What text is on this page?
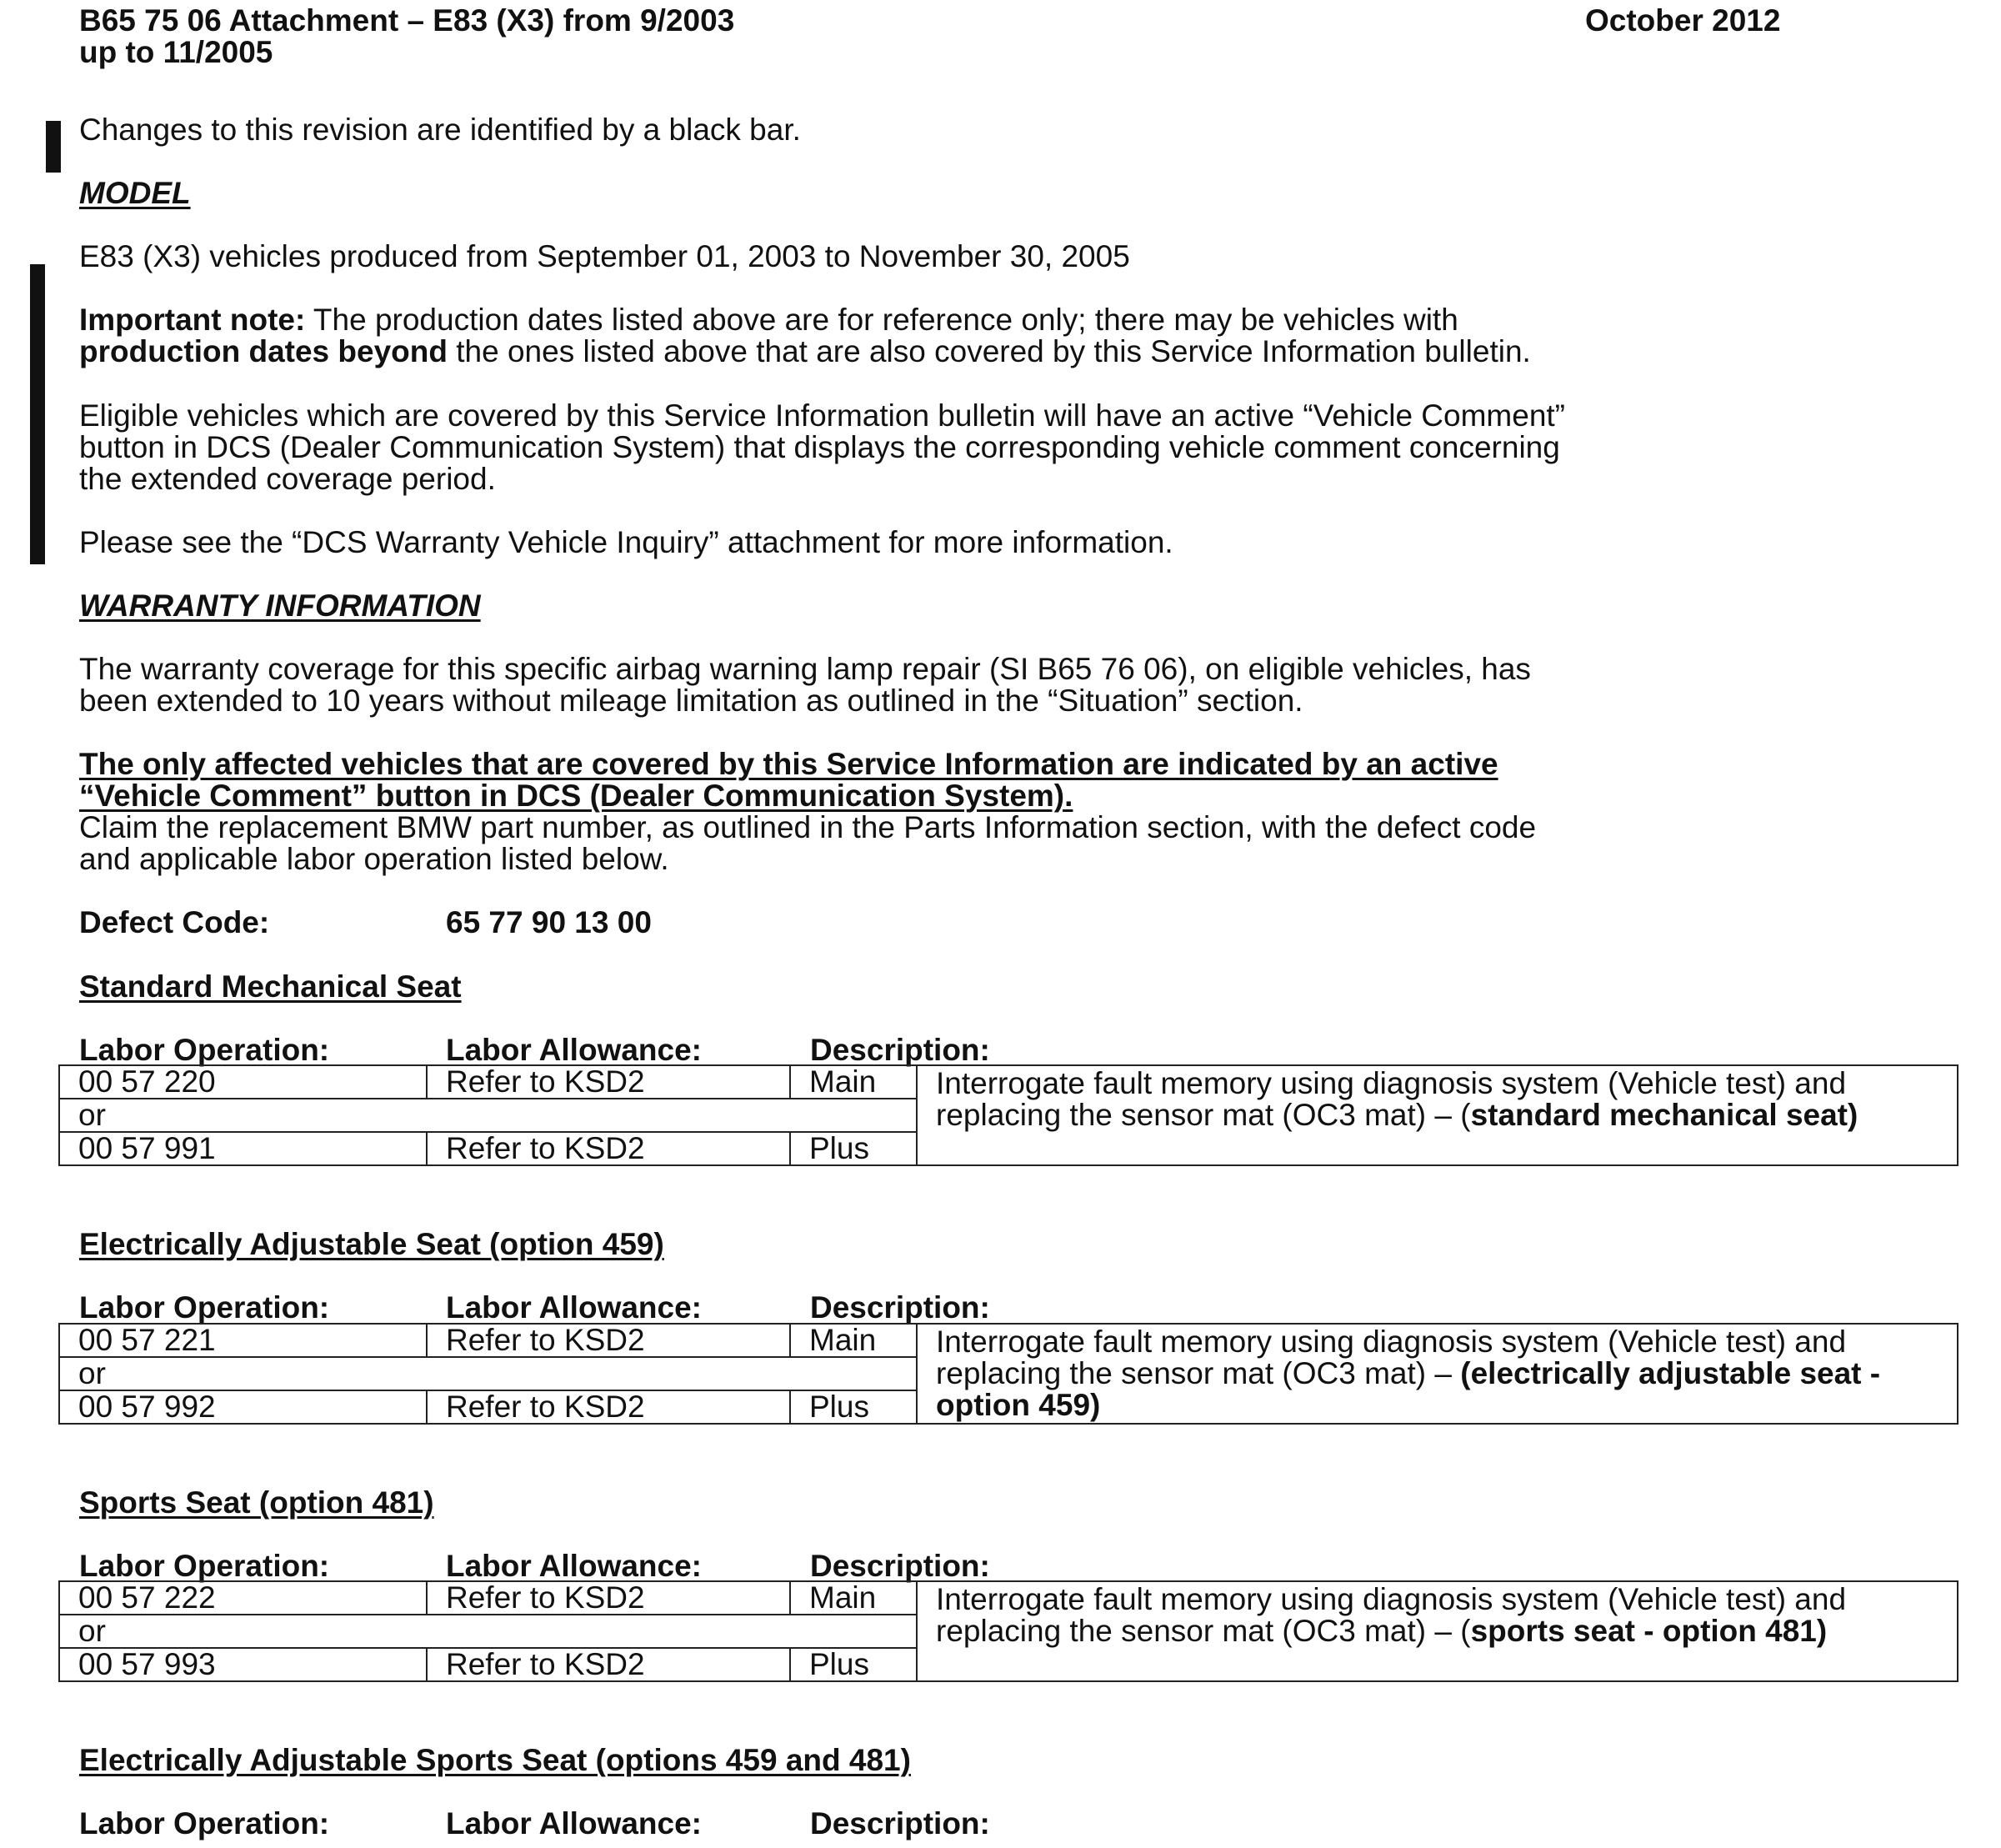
B65 75 06 Attachment – E83 (X3) from 9/2003
up to 11/2005
October 2012
Changes to this revision are identified by a black bar.
MODEL
E83 (X3) vehicles produced from September 01, 2003 to November 30, 2005
Important note: The production dates listed above are for reference only; there may be vehicles with
production dates beyond the ones listed above that are also covered by this Service Information bulletin.
Eligible vehicles which are covered by this Service Information bulletin will have an active “Vehicle Comment”
button in DCS (Dealer Communication System) that displays the corresponding vehicle comment concerning
the extended coverage period.
Please see the “DCS Warranty Vehicle Inquiry” attachment for more information.
WARRANTY INFORMATION
The warranty coverage for this specific airbag warning lamp repair (SI B65 76 06), on eligible vehicles, has
been extended to 10 years without mileage limitation as outlined in the “Situation” section.
The only affected vehicles that are covered by this Service Information are indicated by an active
“Vehicle Comment” button in DCS (Dealer Communication System).
Claim the replacement BMW part number, as outlined in the Parts Information section, with the defect code
and applicable labor operation listed below.
Defect Code:	65 77 90 13 00
Standard Mechanical Seat
Labor Operation:	Labor Allowance:	Description:
00 57 220	Refer to KSD2	Main	Interrogate fault memory using diagnosis system (Vehicle test) and replacing the sensor mat (OC3 mat) – (standard mechanical seat)
or			
00 57 991	Refer to KSD2	Plus	
Electrically Adjustable Seat (option 459)
Labor Operation:	Labor Allowance:	Description:
00 57 221	Refer to KSD2	Main	Interrogate fault memory using diagnosis system (Vehicle test) and replacing the sensor mat (OC3 mat) – (electrically adjustable seat - option 459)
or			
00 57 992	Refer to KSD2	Plus	
Sports Seat (option 481)
Labor Operation:	Labor Allowance:	Description:
00 57 222	Refer to KSD2	Main	Interrogate fault memory using diagnosis system (Vehicle test) and replacing the sensor mat (OC3 mat) – (sports seat - option 481)
or			
00 57 993	Refer to KSD2	Plus	
Electrically Adjustable Sports Seat (options 459 and 481)
Labor Operation:	Labor Allowance:	Description:
